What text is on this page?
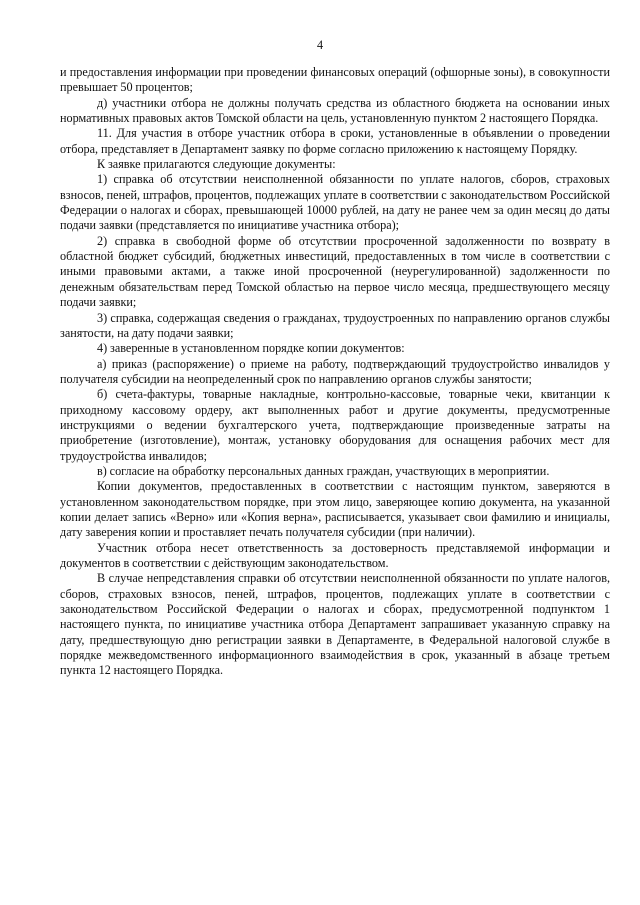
4

и предоставления информации при проведении финансовых операций (офшорные зоны), в совокупности превышает 50 процентов;

д) участники отбора не должны получать средства из областного бюджета на основании иных нормативных правовых актов Томской области на цель, установленную пунктом 2 настоящего Порядка.

11. Для участия в отборе участник отбора в сроки, установленные в объявлении о проведении отбора, представляет в Департамент заявку по форме согласно приложению к настоящему Порядку.

К заявке прилагаются следующие документы:

1) справка об отсутствии неисполненной обязанности по уплате налогов, сборов, страховых взносов, пеней, штрафов, процентов, подлежащих уплате в соответствии с законодательством Российской Федерации о налогах и сборах, превышающей 10000 рублей, на дату не ранее чем за один месяц до даты подачи заявки (представляется по инициативе участника отбора);

2) справка в свободной форме об отсутствии просроченной задолженности по возврату в областной бюджет субсидий, бюджетных инвестиций, предоставленных в том числе в соответствии с иными правовыми актами, а также иной просроченной (неурегулированной) задолженности по денежным обязательствам перед Томской областью на первое число месяца, предшествующего месяцу подачи заявки;

3) справка, содержащая сведения о гражданах, трудоустроенных по направлению органов службы занятости, на дату подачи заявки;

4) заверенные в установленном порядке копии документов:

а) приказ (распоряжение) о приеме на работу, подтверждающий трудоустройство инвалидов у получателя субсидии на неопределенный срок по направлению органов службы занятости;

б) счета-фактуры, товарные накладные, контрольно-кассовые, товарные чеки, квитанции к приходному кассовому ордеру, акт выполненных работ и другие документы, предусмотренные инструкциями о ведении бухгалтерского учета, подтверждающие произведенные затраты на приобретение (изготовление), монтаж, установку оборудования для оснащения рабочих мест для трудоустройства инвалидов;

в) согласие на обработку персональных данных граждан, участвующих в мероприятии.

Копии документов, предоставленных в соответствии с настоящим пунктом, заверяются в установленном законодательством порядке, при этом лицо, заверяющее копию документа, на указанной копии делает запись «Верно» или «Копия верна», расписывается, указывает свои фамилию и инициалы, дату заверения копии и проставляет печать получателя субсидии (при наличии).

Участник отбора несет ответственность за достоверность представляемой информации и документов в соответствии с действующим законодательством.

В случае непредставления справки об отсутствии неисполненной обязанности по уплате налогов, сборов, страховых взносов, пеней, штрафов, процентов, подлежащих уплате в соответствии с законодательством Российской Федерации о налогах и сборах, предусмотренной подпунктом 1 настоящего пункта, по инициативе участника отбора Департамент запрашивает указанную справку на дату, предшествующую дню регистрации заявки в Департаменте, в Федеральной налоговой службе в порядке межведомственного информационного взаимодействия в срок, указанный в абзаце третьем пункта 12 настоящего Порядка.
